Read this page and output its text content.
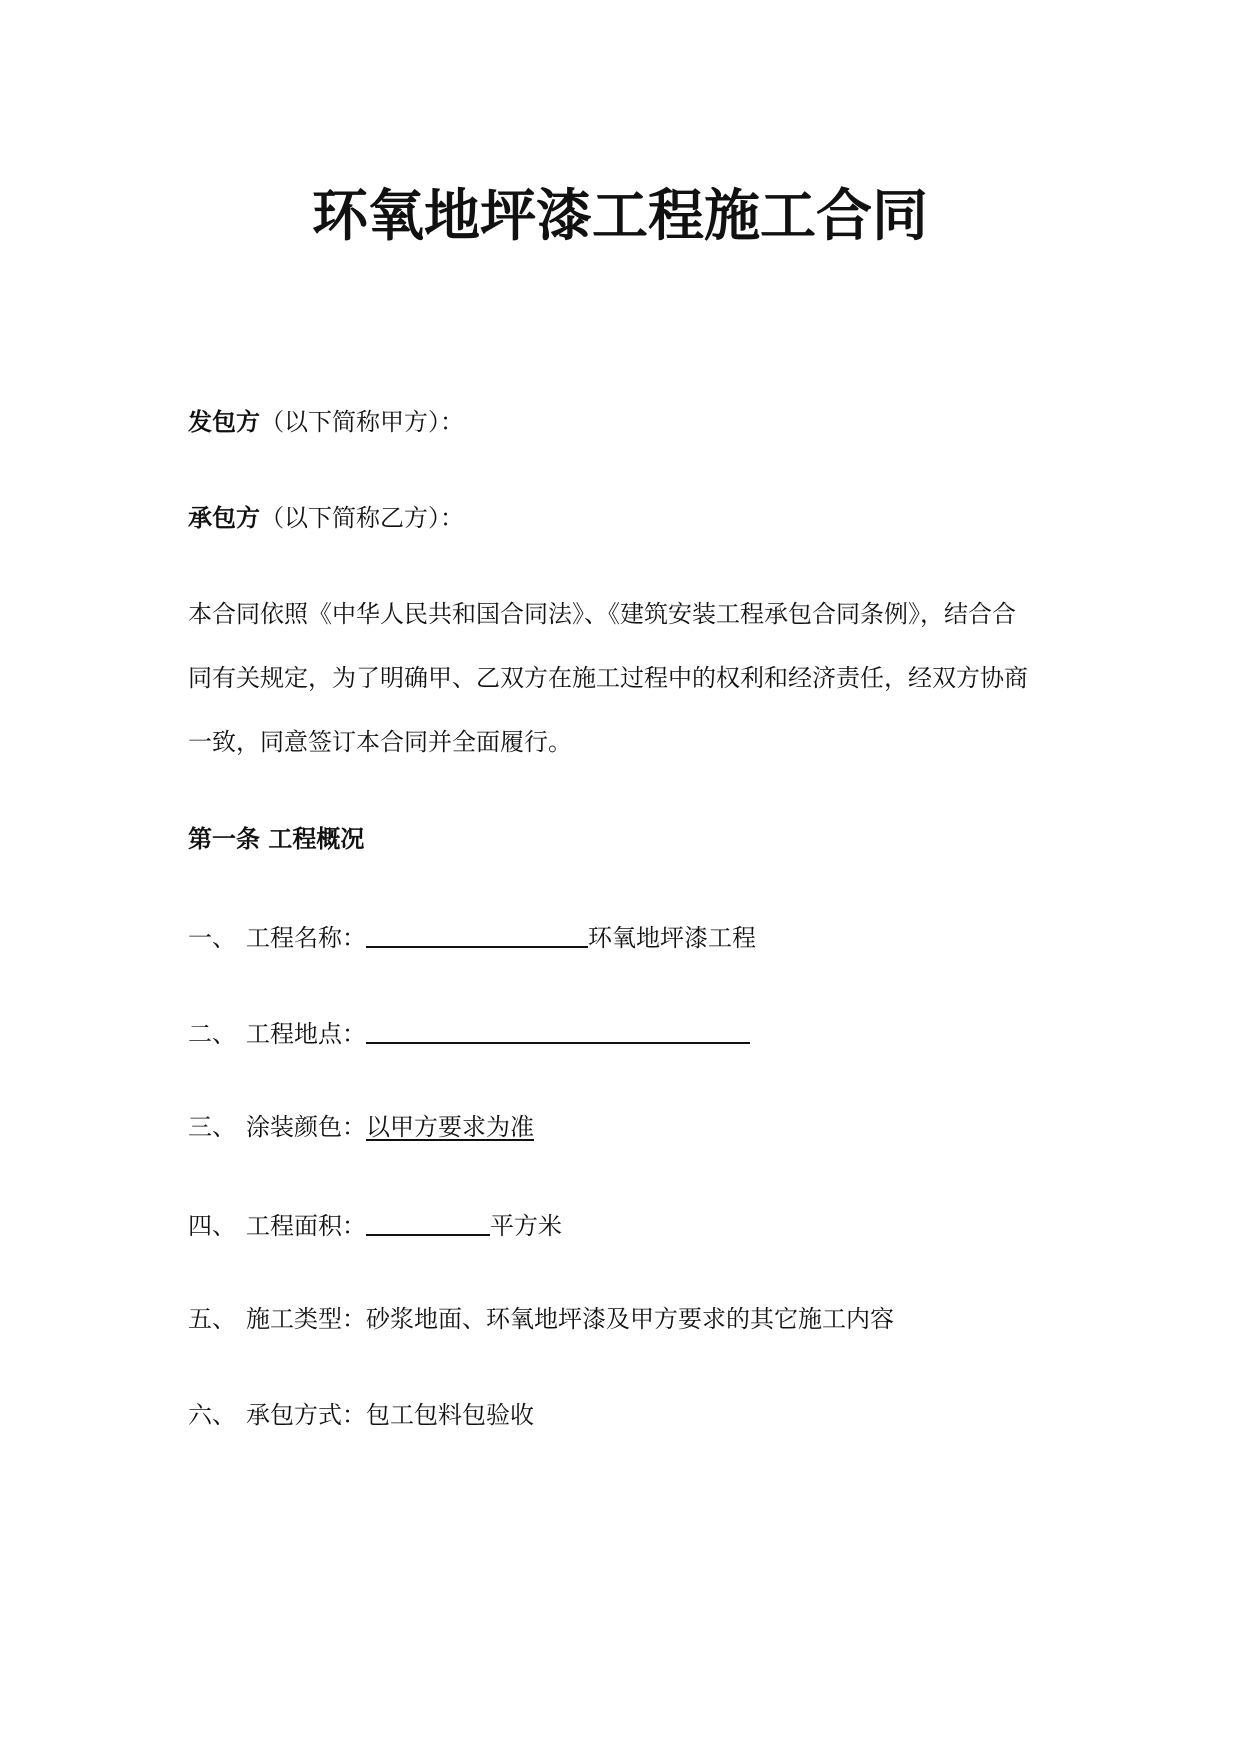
环氧地坪漆工程施工合同
发包方（以下简称甲方）：
承包方（以下简称乙方）：
本合同依照《中华人民共和国合同法》、《建筑安装工程承包合同条例》，结合合
同有关规定，为了明确甲、乙双方在施工过程中的权利和经济责任，经双方协商
一致，同意签订本合同并全面履行。
第一条 工程概况
一、 工程名称：	环氧地坪漆工程
二、 工程地点：
三、 涂装颜色：以甲方要求为准
四、 工程面积：	平方米
五、 施工类型：砂浆地面、环氧地坪漆及甲方要求的其它施工内容
六、 承包方式：包工包料包验收
